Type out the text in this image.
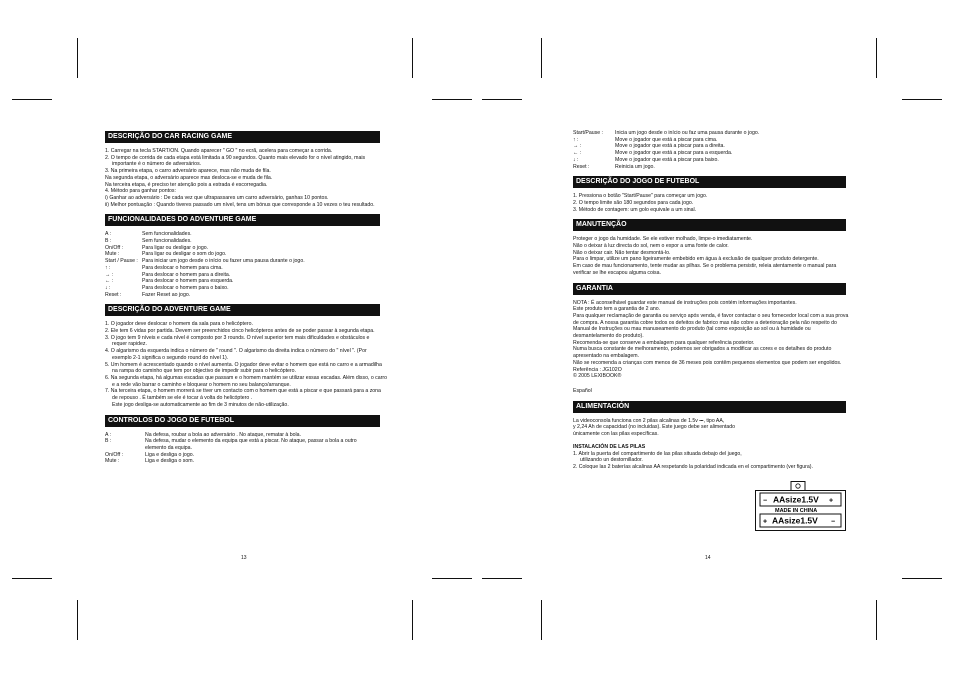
DESCRIÇÃO DO CAR RACING GAME
1. Carregar na tecla START/ON. Quando aparecer " GO " no ecrã, acelera para começar a corrida.
2. O tempo de corrida de cada etapa está limitada a 90 segundos. Quanto mais elevado for o nível atingido, mais
importante é o número de adversários.
3. Na primeira etapa, o carro adversário aparece, mas não muda de fila.
Na segunda etapa, o adversário aparece mas desloca-se e muda de fila.
Na terceira etapa, é preciso ter atenção pois a estrada é escorregadia.
4. Método para ganhar pontos:
i) Ganhar ao adversário : De cada vez que ultrapassares um carro adversário, ganhas 10 pontos.
ii) Melhor pontuação : Quando tiveres passado um nível, tens um bónus que corresponde a 10 vezes o teu resultado.
FUNCIONALIDADES DO ADVENTURE GAME
A :	Sem funcionalidades.
B :	Sem funcionalidades.
On/Off :	Para ligar ou desligar o jogo.
Mute :	Para ligar ou desligar o som do jogo.
Start / Pause : Para iniciar um jogo desde o início ou fazer uma pausa durante o jogo.
↑ :	Para deslocar o homem para cima.
→ :	Para deslocar o homem para a direita.
← :	Para deslocar o homem para esquerda.
↓ :	Para deslocar o homem para o baixo.
Reset :	Fazer Reset ao jogo.
DESCRIÇÃO DO ADVENTURE GAME
1. O jogador deve deslocar o homem da sala para o helicóptero.
2. Ele tem 6 vidas por partida. Devem ser preenchidos cinco helicópteros antes de se poder passar à segunda etapa.
3. O jogo tem 9 níveis e cada nível é composto por 3 rounds. O nível superior tem mais dificuldades e obstáculos e
requer rapidez.
4. O algarismo da esquerda indica o número de " round ". O algarismo da direita indica o número do " nível ". (Por
exemplo 2-1 significa o segundo round do nível 1).
5. Um homem é acrescentado quando o nível aumenta. O jogador deve evitar o homem que está no carro e a armadilha
na rampa do caminho que tem por objectivo de impedir subir para o helicóptero.
6. Na segunda etapa, há algumas escadas que passam e o homem mantém se utilizar essas escadas. Além disso, o carro
e a rede vão barrar o caminho e bloquear o homem no seu balanço/arranque.
7. Na terceira etapa, o homem morrerá se tiver um contacto com o homem que está a piscar e que passará para a zona
de repouso . É também se ele é tocar á volta do helicóptero .
Este jogo desliga-se automaticamente ao fim de 3 minutos de não-utilização.
CONTROLOS DO JOGO DE FUTEBOL
A :	Na defesa, roubar a bola ao adversário . No ataque, rematar à bola.
B :	Na defesa, mudar o elemento da equipa que está a piscar. No ataque, passar a bola a outro
elemento da equipa.
On/Off :	Liga e desliga o jogo.
Mute :	Liga e desliga o som.
13
Start/Pause :	Inicia um jogo desde o início ou faz uma pausa durante o jogo.
↑ :	Move o jogador que está a piscar para cima.
→ :	Move o jogador que está a piscar para a direita.
← :	Move o jogador que está a piscar para a esquerda.
↓ :	Move o jogador que está a piscar para baixo.
Reset :	Reinicia um jogo.
DESCRIÇÃO DO JOGO DE FUTEBOL
1. Pressiona o botão "Start/Pause" para começar um jogo.
2. O tempo limite são 180 segundos para cada jogo.
3. Método de contagem: um golo equivale a um sinal.
MANUTENÇÃO
Proteger o jogo da humidade. Se ele estiver molhado, limpe-o imediatamente.
Não o deixar à luz directa do sol, nem o expor a uma fonte de calor.
Não o deixar cair. Não tentar desmontá-lo.
Para o limpar, utilize um pano ligeiramente embebido em água à exclusão de qualquer produto detergente.
Em caso de mau funcionamento, tente mudar as pilhas. Se o problema persistir, releia atentamente o manual para
verificar se lhe escapou alguma coisa.
GARANTIA
NOTA : É aconselhável guardar este manual de instruções pois contém informações importantes.
Este produto tem a garantia de 2 ano.
Para qualquer reclamação de garantia ou serviço após venda, é favor contactar o seu fornecedor local com a sua prova
de compra. A nossa garantia cobre todos os defeitos de fabrico mas não cobre a deterioração pela não respeito do
Manual de Instruções ou mau manuseamento do produto (tal como exposição ao sol ou à humidade ou
desmantelamento do produto).
Recomenda-se que conserve a embalagem para qualquer referência posterior.
Numa busca constante de melhoramento, podemos ser obrigados a modificar as cores e os detalhes do produto
apresentado na embalagem.
Não se recomenda a crianças com menos de 36 meses pois contêm pequenos elementos que podem ser engolidos.
Referência : JG102O
© 2005 LEXIBOOK®
Español
ALIMENTACIÓN
La videoconsola funciona con 2 pilas alcalinas de 1.5v ⎓, tipo AA,
y 2,24 Ah de capacidad (no incluidas). Este juego debe ser alimentado
únicamente con las pilas específicas.
INSTALACIÓN DE LAS PILAS
1. Abrir la puerta del compartimento de las pilas situada debajo del juego,
utilizando un destornillador.
2. Coloque las 2 baterías alcalinas AA respetando la polaridad indicada en el compartimento (ver figura).
14
+
− AAsize1.5V
MADE IN CHINA
+	−
AAsize1.5V
